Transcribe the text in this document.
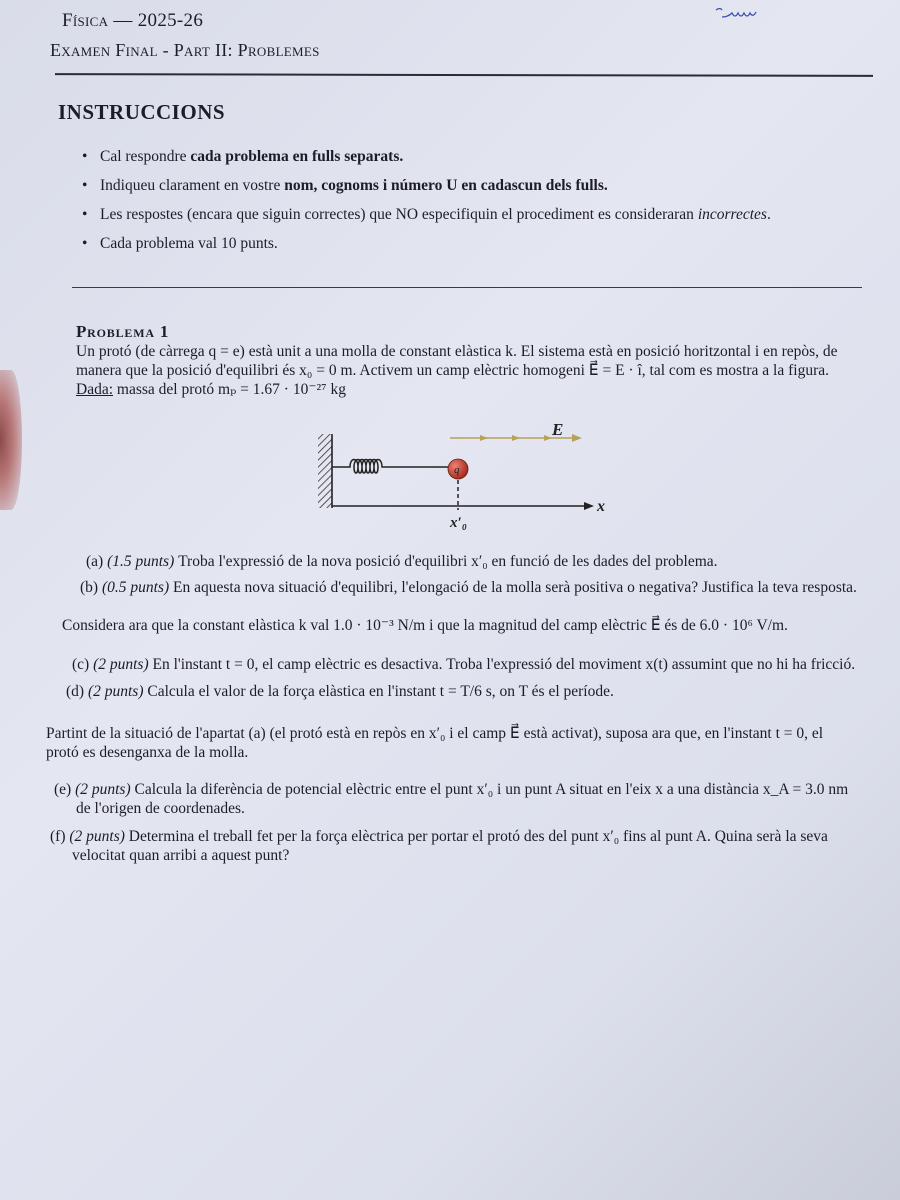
Física — 2025-26
Examen Final - Part II: Problemes
INSTRUCCIONS
• Cal respondre cada problema en fulls separats.
• Indiqueu clarament en vostre nom, cognoms i número U en cadascun dels fulls.
• Les respostes (encara que siguin correctes) que NO especifiquin el procediment es consideraran incorrectes.
• Cada problema val 10 punts.
Problema 1
Un protó (de càrrega q = e) està unit a una molla de constant elàstica k. El sistema està en posició horitzontal i en repòs, de
manera que la posició d'equilibri és x₀ = 0 m. Activem un camp elèctric homogeni E⃗ = E · î, tal com es mostra a la figura.
Dada: massa del protó mₚ = 1.67 · 10⁻²⁷ kg
E
q
x
x′₀
(a) (1.5 punts) Troba l'expressió de la nova posició d'equilibri x′₀ en funció de les dades del problema.
(b) (0.5 punts) En aquesta nova situació d'equilibri, l'elongació de la molla serà positiva o negativa? Justifica la teva resposta.
Considera ara que la constant elàstica k val 1.0 · 10⁻³ N/m i que la magnitud del camp elèctric E⃗ és de 6.0 · 10⁶ V/m.
(c) (2 punts) En l'instant t = 0, el camp elèctric es desactiva. Troba l'expressió del moviment x(t) assumint que no hi ha fricció.
(d) (2 punts) Calcula el valor de la força elàstica en l'instant t = T/6 s, on T és el període.
Partint de la situació de l'apartat (a) (el protó està en repòs en x′₀ i el camp E⃗ està activat), suposa ara que, en l'instant t = 0, el
protó es desenganxa de la molla.
(e) (2 punts) Calcula la diferència de potencial elèctric entre el punt x′₀ i un punt A situat en l'eix x a una distància x_A = 3.0 nm
de l'origen de coordenades.
(f) (2 punts) Determina el treball fet per la força elèctrica per portar el protó des del punt x′₀ fins al punt A. Quina serà la seva
velocitat quan arribi a aquest punt?
